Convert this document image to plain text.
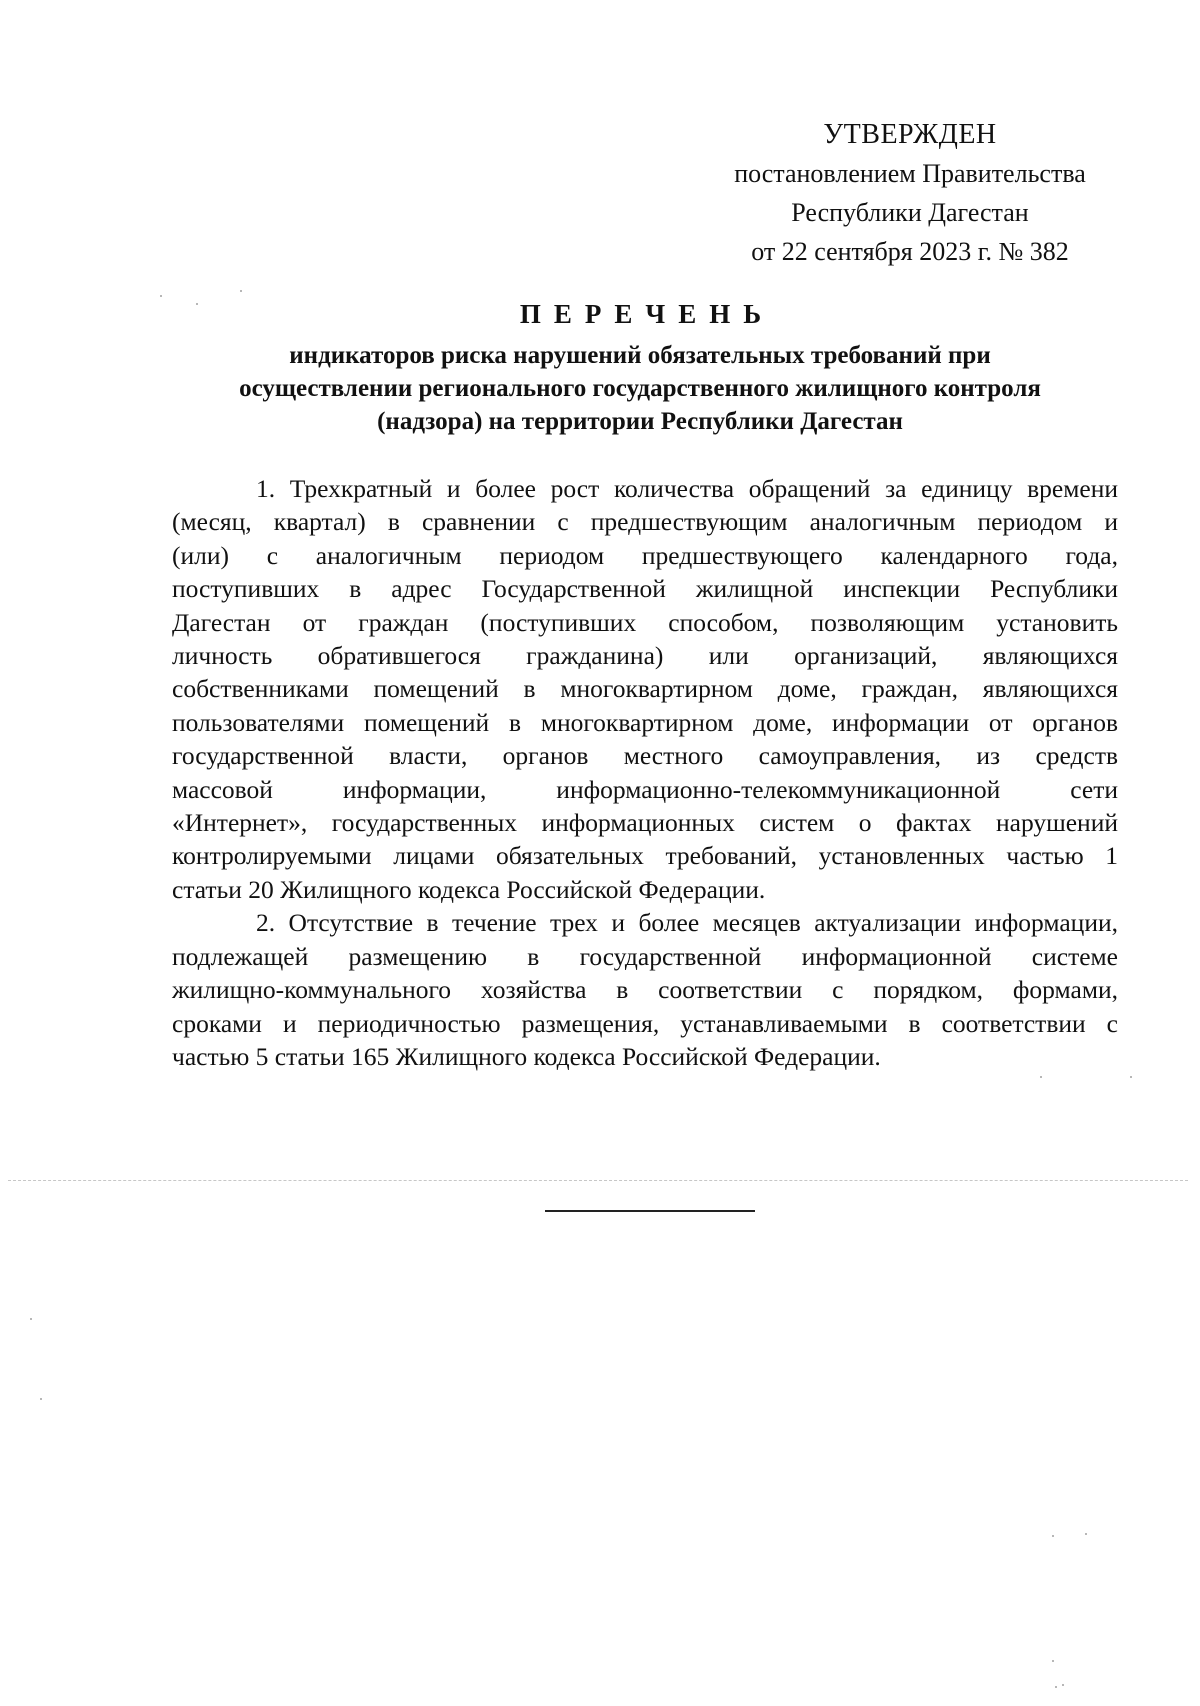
УТВЕРЖДЕН
постановлением Правительства
Республики Дагестан
от 22 сентября 2023 г. № 382
ПЕРЕЧЕНЬ
индикаторов риска нарушений обязательных требований при
осуществлении регионального государственного жилищного контроля
(надзора) на территории Республики Дагестан
1. Трехкратный и более рост количества обращений за единицу времени
(месяц, квартал) в сравнении с предшествующим аналогичным периодом и
(или) с аналогичным периодом предшествующего календарного года,
поступивших в адрес Государственной жилищной инспекции Республики
Дагестан от граждан (поступивших способом, позволяющим установить
личность обратившегося гражданина) или организаций, являющихся
собственниками помещений в многоквартирном доме, граждан, являющихся
пользователями помещений в многоквартирном доме, информации от органов
государственной власти, органов местного самоуправления, из средств
массовой информации, информационно-телекоммуникационной сети
«Интернет», государственных информационных систем о фактах нарушений
контролируемыми лицами обязательных требований, установленных частью 1
статьи 20 Жилищного кодекса Российской Федерации.
2. Отсутствие в течение трех и более месяцев актуализации информации,
подлежащей размещению в государственной информационной системе
жилищно-коммунального хозяйства в соответствии с порядком, формами,
сроками и периодичностью размещения, устанавливаемыми в соответствии с
частью 5 статьи 165 Жилищного кодекса Российской Федерации.
